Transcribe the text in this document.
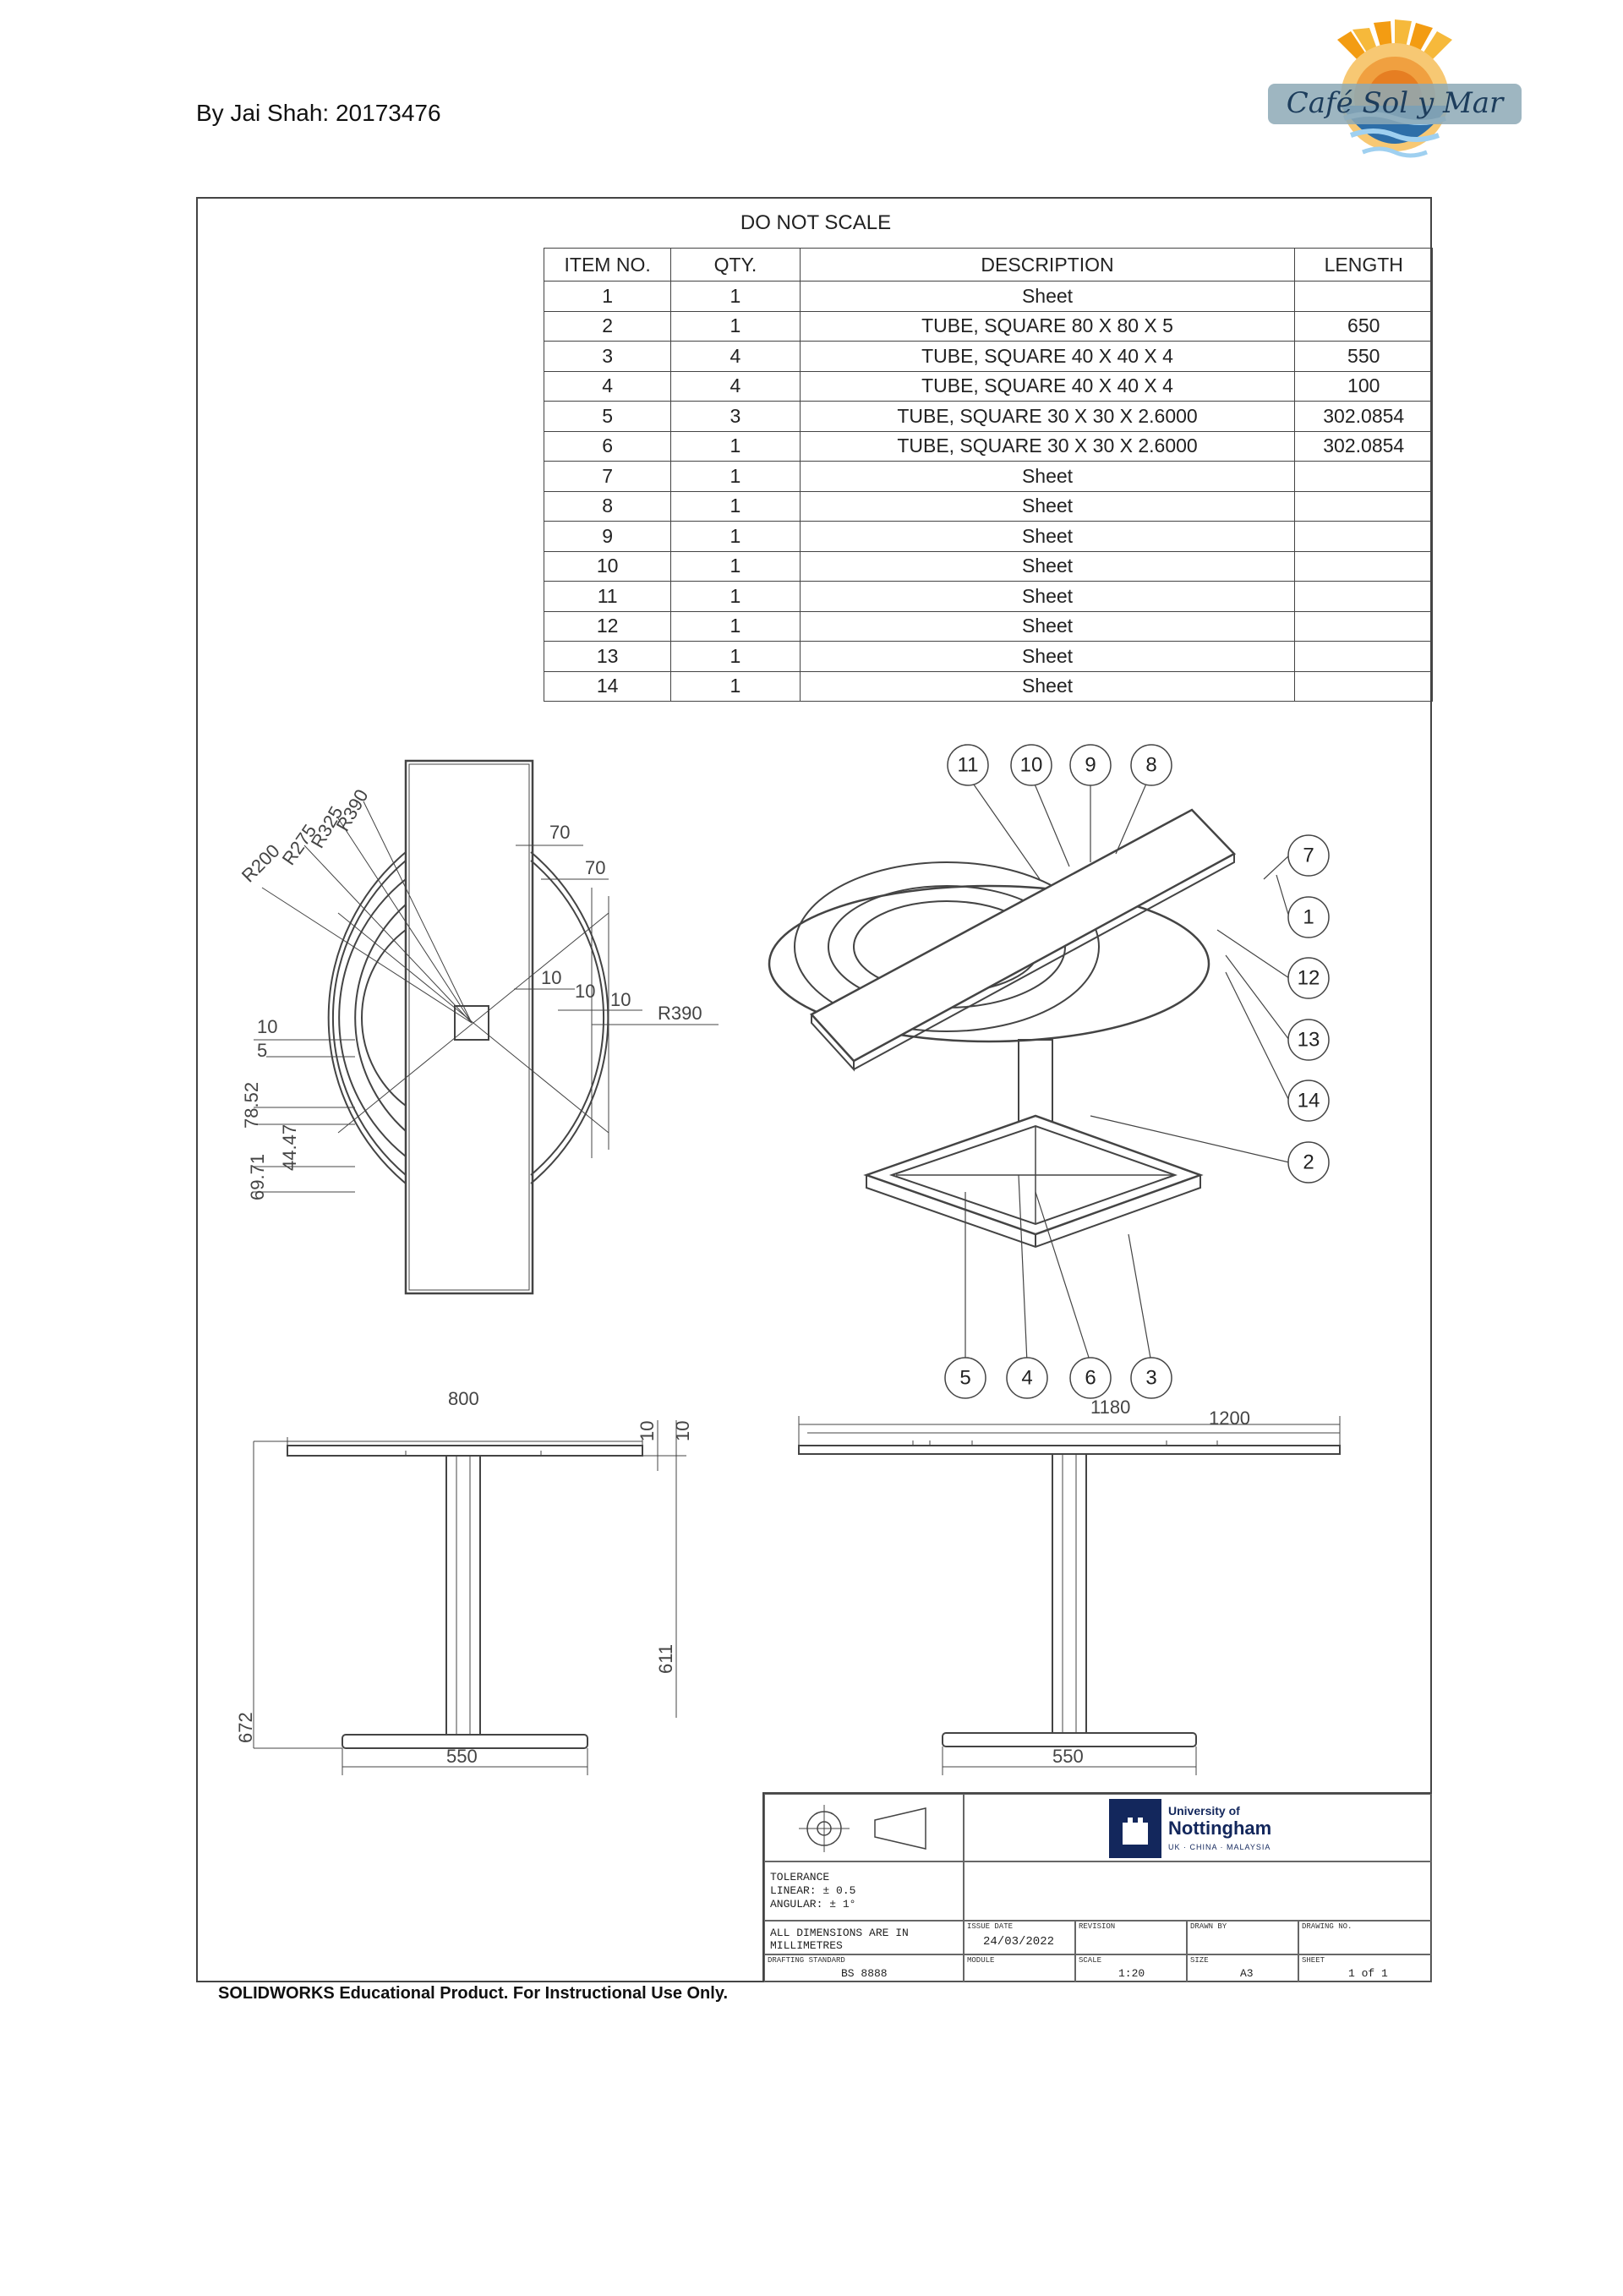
By Jai Shah: 20173476	Café Sol y Mar
DO NOT SCALE
ITEM NO.	QTY.	DESCRIPTION	LENGTH
1	1	Sheet	
2	1	TUBE, SQUARE 80 X 80 X 5	650
3	4	TUBE, SQUARE 40 X 40 X 4	550
4	4	TUBE, SQUARE 40 X 40 X 4	100
5	3	TUBE, SQUARE 30 X 30 X 2.6000	302.0854
6	1	TUBE, SQUARE 30 X 30 X 2.6000	302.0854
7	1	Sheet	
8	1	Sheet	
9	1	Sheet	
10	1	Sheet	
11	1	Sheet	
12	1	Sheet	
13	1	Sheet	
14	1	Sheet	
R390
R325
R275
R200
70
70
10
10 10
R390
10
5
78.52
44.47
69.71
11 10 9 8
7
1
12
13
14
2
5 4	6 3
800
10 10
611
672
550
1180
1200
550
TOLERANCE
LINEAR: ± 0.5
ANGULAR: ± 1°
ALL DIMENSIONS ARE IN
MILLIMETRES
ISSUE DATE
24/03/2022
REVISION	DRAWN BY	DRAWING NO.
DRAFTING STANDARD
BS 8888
MODULE	SCALE
1:20
SIZE
A3
SHEET
1 of 1
University of
Nottingham
UK · CHINA · MALAYSIA
SOLIDWORKS Educational Product. For Instructional Use Only.
